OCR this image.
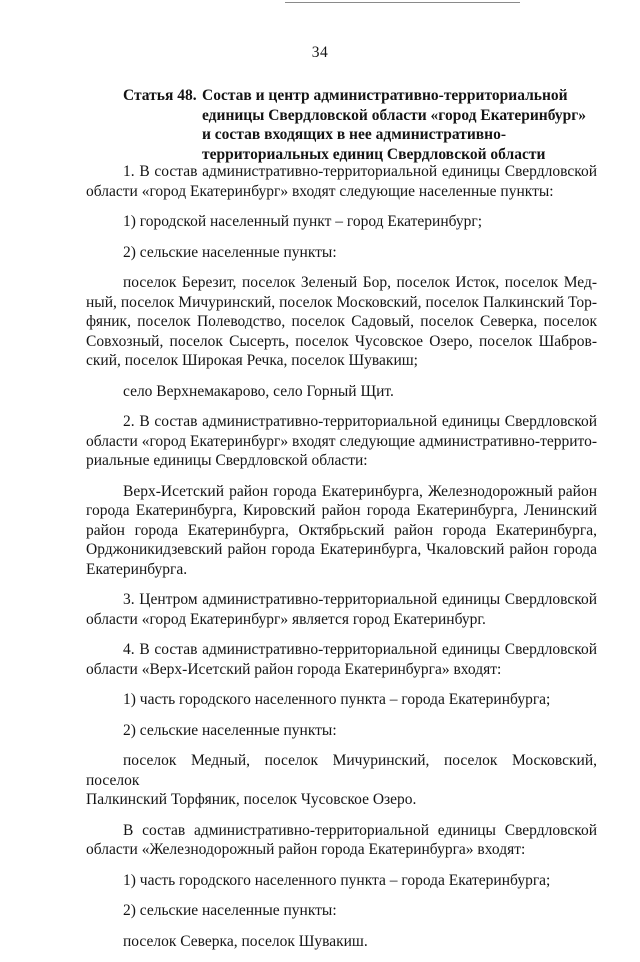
34
Статья 48. Состав и центр административно-территориальной
единицы Свердловской области «город Екатеринбург»
и состав входящих в нее административно-
территориальных единиц Свердловской области

1. В состав административно-территориальной единицы Свердловской
области «город Екатеринбург» входят следующие населенные пункты:

1) городской населенный пункт – город Екатеринбург;

2) сельские населенные пункты:

поселок Березит, поселок Зеленый Бор, поселок Исток, поселок Мед-
ный, поселок Мичуринский, поселок Московский, поселок Палкинский Тор-
фяник, поселок Полеводство, поселок Садовый, поселок Северка, поселок
Совхозный, поселок Сысерть, поселок Чусовское Озеро, поселок Шабров-
ский, поселок Широкая Речка, поселок Шувакиш;

село Верхнемакарово, село Горный Щит.

2. В состав административно-территориальной единицы Свердловской
области «город Екатеринбург» входят следующие административно-террито-
риальные единицы Свердловской области:

Верх-Исетский район города Екатеринбурга, Железнодорожный район
города Екатеринбурга, Кировский район города Екатеринбурга, Ленинский
район города Екатеринбурга, Октябрьский район города Екатеринбурга,
Орджоникидзевский район города Екатеринбурга, Чкаловский район города
Екатеринбурга.

3. Центром административно-территориальной единицы Свердловской
области «город Екатеринбург» является город Екатеринбург.

4. В состав административно-территориальной единицы Свердловской
области «Верх-Исетский район города Екатеринбурга» входят:

1) часть городского населенного пункта – города Екатеринбурга;

2) сельские населенные пункты:

поселок Медный, поселок Мичуринский, поселок Московский, поселок
Палкинский Торфяник, поселок Чусовское Озеро.

В состав административно-территориальной единицы Свердловской
области «Железнодорожный район города Екатеринбурга» входят:

1) часть городского населенного пункта – города Екатеринбурга;

2) сельские населенные пункты:

поселок Северка, поселок Шувакиш.
